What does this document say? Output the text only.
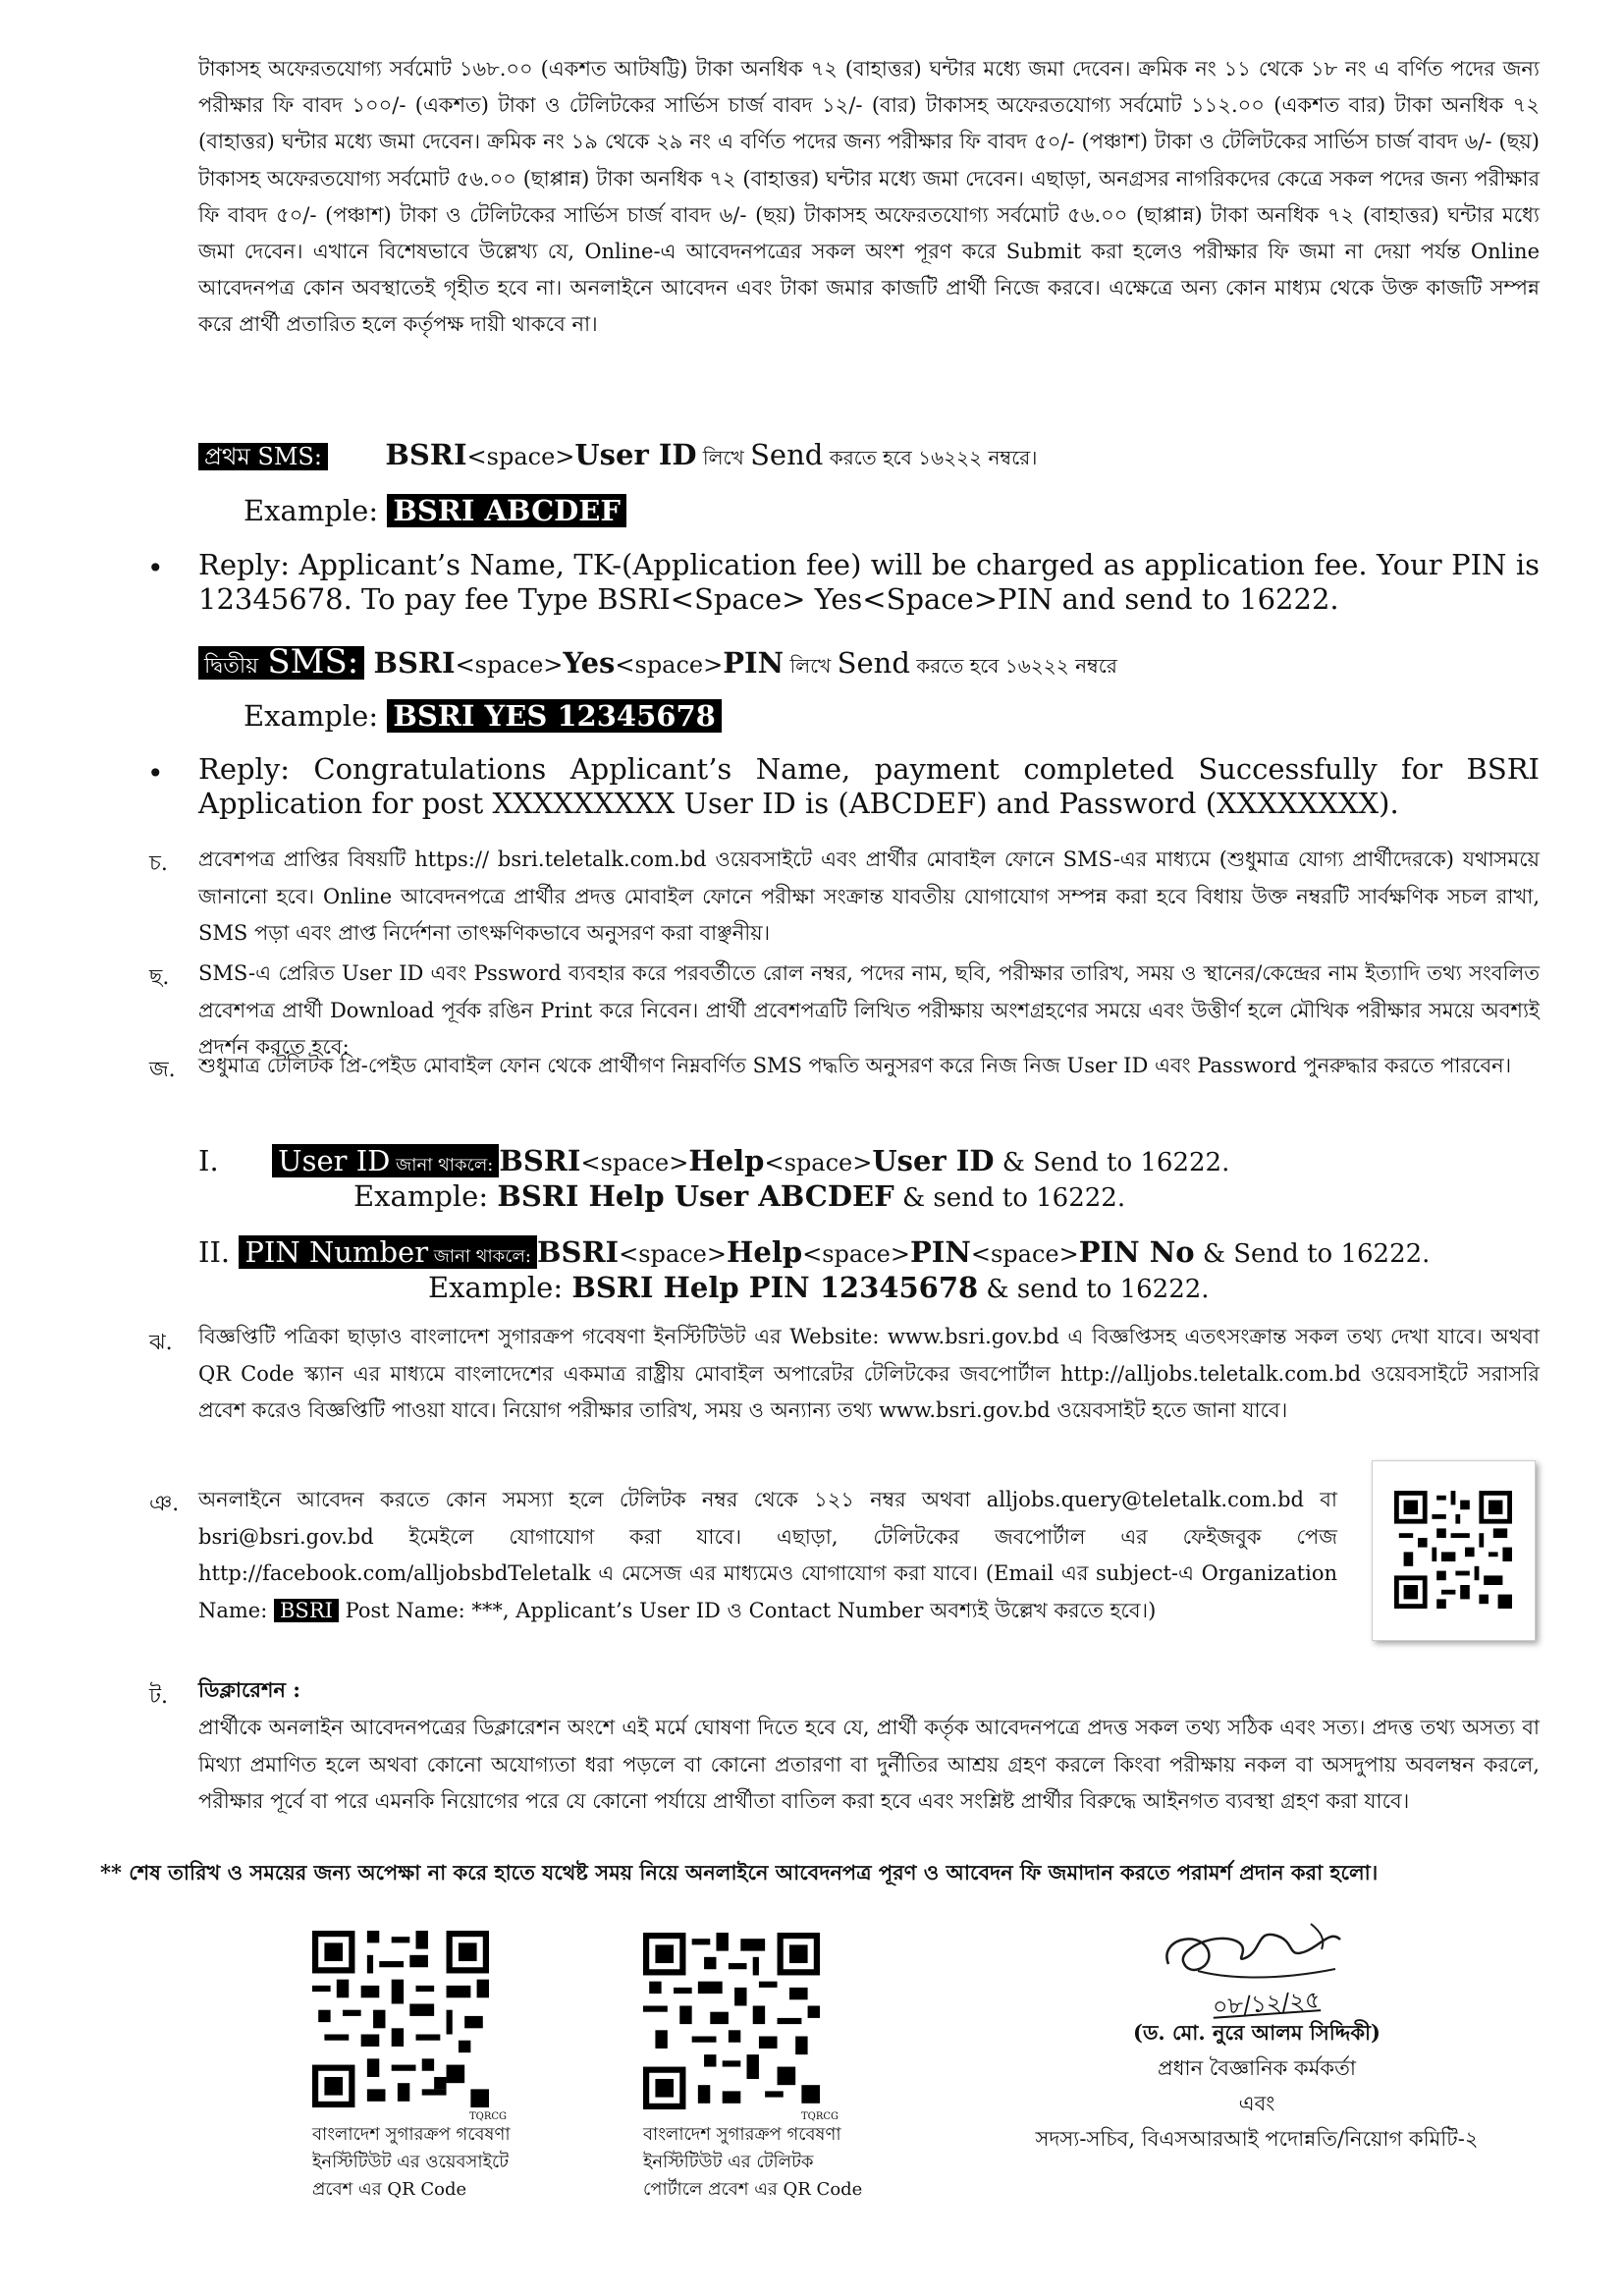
টাকাসহ অফেরতযোগ্য সর্বমোট ১৬৮.০০ (একশত আটষট্টি) টাকা অনধিক ৭২ (বাহাত্তর) ঘন্টার মধ্যে জমা দেবেন। ক্রমিক নং ১১ থেকে ১৮ নং এ বর্ণিত পদের জন্য পরীক্ষার ফি বাবদ ১০০/- (একশত) টাকা ও টেলিটকের সার্ভিস চার্জ বাবদ ১২/- (বার) টাকাসহ অফেরতযোগ্য সর্বমোট ১১২.০০ (একশত বার) টাকা অনধিক ৭২ (বাহাত্তর) ঘন্টার মধ্যে জমা দেবেন। ক্রমিক নং ১৯ থেকে ২৯ নং এ বর্ণিত পদের জন্য পরীক্ষার ফি বাবদ ৫০/- (পঞ্চাশ) টাকা ও টেলিটকের সার্ভিস চার্জ বাবদ ৬/- (ছয়) টাকাসহ অফেরতযোগ্য সর্বমোট ৫৬.০০ (ছাপ্পান্ন) টাকা অনধিক ৭২ (বাহাত্তর) ঘন্টার মধ্যে জমা দেবেন। এছাড়া, অনগ্রসর নাগরিকদের কেত্রে সকল পদের জন্য পরীক্ষার ফি বাবদ ৫০/- (পঞ্চাশ) টাকা ও টেলিটকের সার্ভিস চার্জ বাবদ ৬/- (ছয়) টাকাসহ অফেরতযোগ্য সর্বমোট ৫৬.০০ (ছাপ্পান্ন) টাকা অনধিক ৭২ (বাহাত্তর) ঘন্টার মধ্যে জমা দেবেন। এখানে বিশেষভাবে উল্লেখ্য যে, Online-এ আবেদনপত্রের সকল অংশ পূরণ করে Submit করা হলেও পরীক্ষার ফি জমা না দেয়া পর্যন্ত Online আবেদনপত্র কোন অবস্থাতেই গৃহীত হবে না। অনলাইনে আবেদন এবং টাকা জমার কাজটি প্রার্থী নিজে করবে। এক্ষেত্রে অন্য কোন মাধ্যম থেকে উক্ত কাজটি সম্পন্ন করে প্রার্থী প্রতারিত হলে কর্তৃপক্ষ দায়ী থাকবে না।

প্রথম SMS: BSRI<space>User ID লিখে Send করতে হবে ১৬২২২ নম্বরে।
Example: BSRI ABCDEF
• Reply: Applicant’s Name, TK-(Application fee) will be charged as application fee. Your PIN is 12345678. To pay fee Type BSRI<Space> Yes<Space>PIN and send to 16222.
দ্বিতীয় SMS: BSRI<space>Yes<space>PIN লিখে Send করতে হবে ১৬২২২ নম্বরে
Example: BSRI YES 12345678
• Reply: Congratulations Applicant’s Name, payment completed Successfully for BSRI Application for post XXXXXXXXX User ID is (ABCDEF) and Password (XXXXXXXX).
চ. প্রবেশপত্র প্রাপ্তির বিষয়টি https:// bsri.teletalk.com.bd ওয়েবসাইটে এবং প্রার্থীর মোবাইল ফোনে SMS-এর মাধ্যমে (শুধুমাত্র যোগ্য প্রার্থীদেরকে) যথাসময়ে জানানো হবে। Online আবেদনপত্রে প্রার্থীর প্রদত্ত মোবাইল ফোনে পরীক্ষা সংক্রান্ত যাবতীয় যোগাযোগ সম্পন্ন করা হবে বিধায় উক্ত নম্বরটি সার্বক্ষণিক সচল রাখা, SMS পড়া এবং প্রাপ্ত নির্দেশনা তাৎক্ষণিকভাবে অনুসরণ করা বাঞ্ছনীয়।
ছ. SMS-এ প্রেরিত User ID এবং Pssword ব্যবহার করে পরবর্তীতে রোল নম্বর, পদের নাম, ছবি, পরীক্ষার তারিখ, সময় ও স্থানের/কেন্দ্রের নাম ইত্যাদি তথ্য সংবলিত প্রবেশপত্র প্রার্থী Download পূর্বক রঙিন Print করে নিবেন। প্রার্থী প্রবেশপত্রটি লিখিত পরীক্ষায় অংশগ্রহণের সময়ে এবং উত্তীর্ণ হলে মৌখিক পরীক্ষার সময়ে অবশ্যই প্রদর্শন করতে হবে:
জ. শুধুমাত্র টেলিটক প্রি-পেইড মোবাইল ফোন থেকে প্রার্থীগণ নিম্নবর্ণিত SMS পদ্ধতি অনুসরণ করে নিজ নিজ User ID এবং Password পুনরুদ্ধার করতে পারবেন।
I. User ID জানা থাকলে: BSRI<space>Help<space>User ID & Send to 16222.
Example: BSRI Help User ABCDEF & send to 16222.
II. PIN Number জানা থাকলে: BSRI<space>Help<space>PIN<space>PIN No & Send to 16222.
Example: BSRI Help PIN 12345678 & send to 16222.
ঝ. বিজ্ঞপ্তিটি পত্রিকা ছাড়াও বাংলাদেশ সুগারক্রপ গবেষণা ইনস্টিটিউট এর Website: www.bsri.gov.bd এ বিজ্ঞপ্তিসহ এতৎসংক্রান্ত সকল তথ্য দেখা যাবে। অথবা QR Code স্ক্যান এর মাধ্যমে বাংলাদেশের একমাত্র রাষ্ট্রীয় মোবাইল অপারেটর টেলিটকের জবপোর্টাল http://alljobs.teletalk.com.bd ওয়েবসাইটে সরাসরি প্রবেশ করেও বিজ্ঞপ্তিটি পাওয়া যাবে। নিয়োগ পরীক্ষার তারিখ, সময় ও অন্যান্য তথ্য www.bsri.gov.bd ওয়েবসাইট হতে জানা যাবে।
ঞ. অনলাইনে আবেদন করতে কোন সমস্যা হলে টেলিটক নম্বর থেকে ১২১ নম্বর অথবা alljobs.query@teletalk.com.bd বা bsri@bsri.gov.bd ইমেইলে যোগাযোগ করা যাবে। এছাড়া, টেলিটকের জবপোর্টাল এর ফেইজবুক পেজ http://facebook.com/alljobsbdTeletalk এ মেসেজ এর মাধ্যমেও যোগাযোগ করা যাবে। (Email এর subject-এ Organization Name: BSRI Post Name: ***, Applicant’s User ID ও Contact Number অবশ্যই উল্লেখ করতে হবে।)
ট. ডিক্লারেশন :
** শেষ তারিখ ও সময়ের জন্য অপেক্ষা না করে হাতে যথেষ্ট সময় নিয়ে অনলাইনে আবেদনপত্র পূরণ ও আবেদন ফি জমাদান করতে পরামর্শ প্রদান করা হলো।
প্রার্থীকে অনলাইন আবেদনপত্রের ডিক্লারেশন অংশে এই মর্মে ঘোষণা দিতে হবে যে, প্রার্থী কর্তৃক আবেদনপত্রে প্রদত্ত সকল তথ্য সঠিক এবং সত্য। প্রদত্ত তথ্য অসত্য বা মিথ্যা প্রমাণিত হলে অথবা কোনো অযোগ্যতা ধরা পড়লে বা কোনো প্রতারণা বা দুর্নীতির আশ্রয় গ্রহণ করলে কিংবা পরীক্ষায় নকল বা অসদুপায় অবলম্বন করলে, পরীক্ষার পূর্বে বা পরে এমনকি নিয়োগের পরে যে কোনো পর্যায়ে প্রার্থীতা বাতিল করা হবে এবং সংশ্লিষ্ট প্রার্থীর বিরুদ্ধে আইনগত ব্যবস্থা গ্রহণ করা যাবে।
TQRCG
বাংলাদেশ সুগারক্রপ গবেষণা
ইনস্টিটিউট এর ওয়েবসাইটে
প্রবেশ এর QR Code
TQRCG
বাংলাদেশ সুগারক্রপ গবেষণা
ইনস্টিটিউট এর টেলিটক
পোর্টালে প্রবেশ এর QR Code
০৮/১২/২৫
(ড. মো. নুরে আলম সিদ্দিকী)
প্রধান বৈজ্ঞানিক কর্মকর্তা
এবং
সদস্য-সচিব, বিএসআরআই পদোন্নতি/নিয়োগ কমিটি-২
